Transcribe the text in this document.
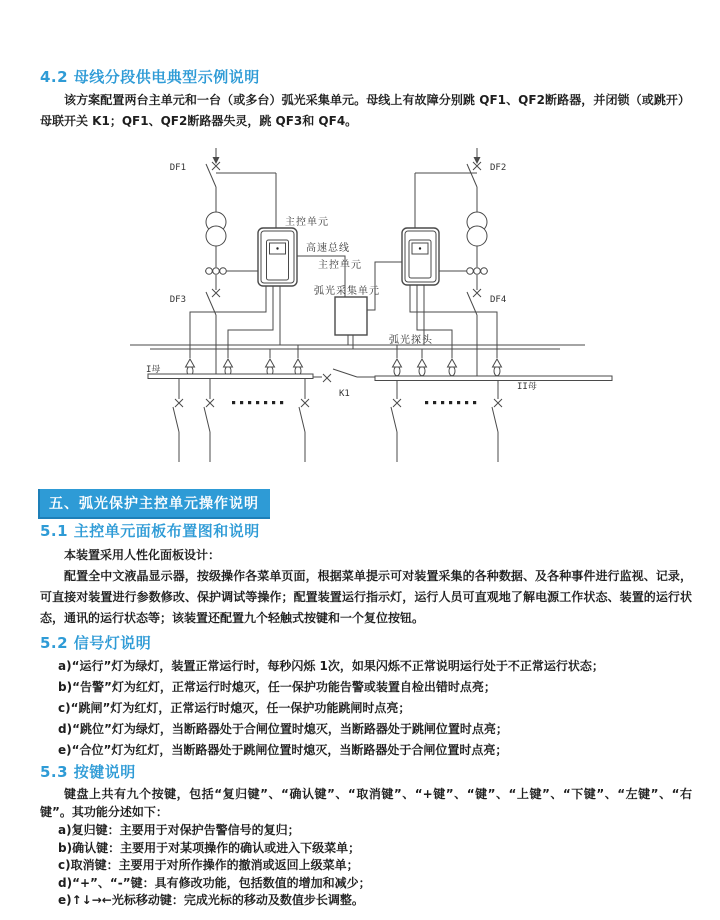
4.2 母线分段供电典型示例说明
该方案配置两台主单元和一台（或多台）弧光采集单元。母线上有故障分别跳 QF1、QF2断路器，并闭锁（或跳开）母联开关 K1；QF1、QF2断路器失灵，跳 QF3和 QF4。
DF1
DF3
DF2
DF4
主控单元
主控单元
高速总线
弧光采集单元
弧光探头
I母
II母
K1
五、弧光保护主控单元操作说明
5.1 主控单元面板布置图和说明
本装置采用人性化面板设计：
配置全中文液晶显示器，按级操作各菜单页面，根据菜单提示可对装置采集的各种数据、及各种事件进行监视、记录，可直接对装置进行参数修改、保护调试等操作；配置装置运行指示灯，运行人员可直观地了解电源工作状态、装置的运行状态，通讯的运行状态等；该装置还配置九个轻触式按键和一个复位按钮。
5.2 信号灯说明
a)“运行”灯为绿灯，装置正常运行时，每秒闪烁 1次，如果闪烁不正常说明运行处于不正常运行状态；
b)“告警”灯为红灯，正常运行时熄灭，任一保护功能告警或装置自检出错时点亮；
c)“跳闸”灯为红灯，正常运行时熄灭，任一保护功能跳闸时点亮；
d)“跳位”灯为绿灯，当断路器处于合闸位置时熄灭，当断路器处于跳闸位置时点亮；
e)“合位”灯为红灯，当断路器处于跳闸位置时熄灭，当断路器处于合闸位置时点亮；
5.3 按键说明
键盘上共有九个按键，包括“复归键”、“确认键”、“取消键”、“+键”、“键”、“上键”、“下键”、“左键”、“右键”。其功能分述如下：
a)复归键：主要用于对保护告警信号的复归；
b)确认键：主要用于对某项操作的确认或进入下级菜单；
c)取消键：主要用于对所作操作的撤消或返回上级菜单；
d)“+”、“-”键：具有修改功能，包括数值的增加和减少；
e)↑↓→←光标移动键：完成光标的移动及数值步长调整。
